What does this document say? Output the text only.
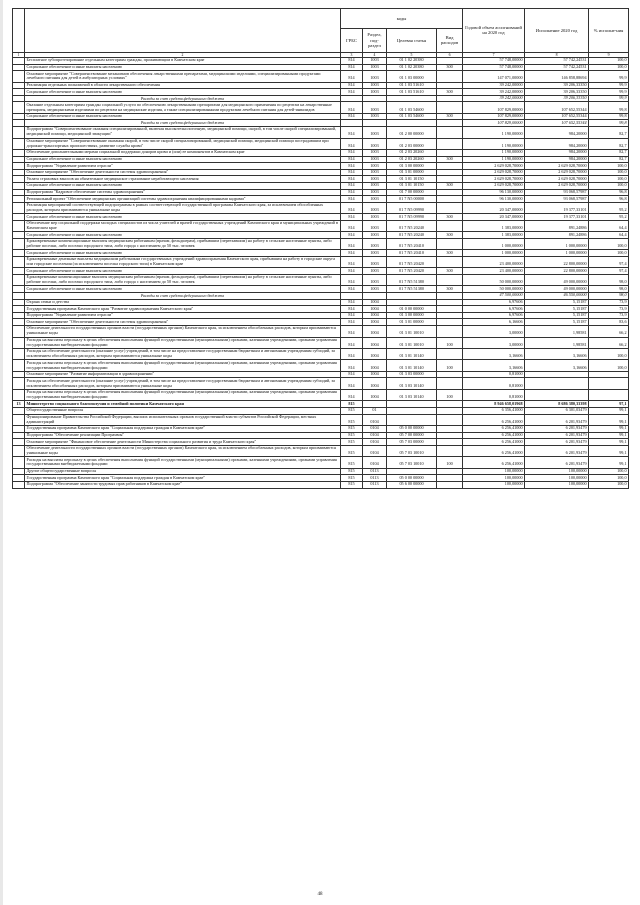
		коды				Годовой объем ассигнований на 2020 год	Исполнение 2020 год	% исполне-ния
		ГРБС	Раздел, под-раздел	Целевая статья	Вид расходов			
1	2	3	4	5	6	7	8	9
	Бесплатное зубопротезирование отдельным категориям граждан, проживающим в Камчатском крае	814	1003	01 1 02 20380		57 748,00000	57 742,24531	100,0
	Социальное обеспечение и иные выплаты населению	814	1003	01 1 02 20380	300	57 748,00000	57 742,24531	100,0
	Основное мероприятие "Совершенствование механизмов обеспечения лекарственными препаратами, медицинскими изделиями, специализированными продуктами лечебного питания для детей в амбулаторных условиях"	814	1003	01 1 03 00000		147 071,00000	146 858,88694	99,9
	Реализация отдельных полномочий в области лекарственного обеспечения	814	1003	01 1 03 51610		39 242,00000	39 206,33350	99,9
	Социальное обеспечение и иные выплаты населению	814	1003	01 1 03 51610	300	39 242,00000	39 206,33350	99,9
	Расходы за счет средств федерального бюджета					39 242,00000	39 206,33350	99,9
	Оказание отдельным категориям граждан социальной услуги по обеспечению лекарственными препаратами для медицинского применения по рецептам на лекарственные препараты, медицинскими изделиями по рецептам на медицинские изделия, а также специализированными продуктами лечебного питания для детей-инвалидов	814	1003	01 1 03 54600		107 829,00000	107 652,55344	99,8
	Социальное обеспечение и иные выплаты населению	814	1003	01 1 03 54600	300	107 829,00000	107 652,55344	99,8
	Расходы за счет средств федерального бюджета					107 829,00000	107 652,55344	99,8
	Подпрограмма "Совершенствование оказания специализированной, включая высокотехнологичную, медицинской помощи, скорой, в том числе скорой специализированной, медицинской помощи, медицинской эвакуации"	814	1003	01 2 00 00000		1 190,00000	984,20000	82,7
	Основное мероприятие "Совершенствование оказания скорой, в том числе скорой специализированной, медицинской помощи, медицинской помощи пострадавшим при дорожно-транспортных происшествиях, развитие службы крови"	814	1003	01 2 03 00000		1 190,00000	984,20000	82,7
	Обеспечение дополнительными мерами социальной поддержки доноров крови и (или) ее компонентов в Камчатском крае	814	1003	01 2 03 20260		1 190,00000	984,20000	82,7
	Социальное обеспечение и иные выплаты населению	814	1003	01 2 03 20260	300	1 190,00000	984,20000	82,7
	Подпрограмма "Управление развитием отрасли"	814	1003	01 3 00 00000		2 629 028,70000	2 629 028,70000	100,0
	Основное мероприятие "Обеспечение деятельности системы здравоохранения"	814	1003	01 3 01 00000		2 629 028,70000	2 629 028,70000	100,0
	Уплата страховых взносов на обязательное медицинское страхование неработающего населения	814	1003	01 3 01 10150		2 629 028,70000	2 629 028,70000	100,0
	Социальное обеспечение и иные выплаты населению	814	1003	01 3 01 10150	300	2 629 028,70000	2 629 028,70000	100,0
	Подпрограмма "Кадровое обеспечение системы здравоохранения"	814	1003	01 7 00 00000		96 130,00000	93 068,57987	96,8
	Региональный проект "Обеспечение медицинских организаций системы здравоохранения квалифицированными кадрами"	814	1003	01 7 N5 00000		96 130,00000	93 068,57987	96,8
	Реализация мероприятий соответствующей подпрограммы в рамках соответствующей государственной программы Камчатского края, за исключением обособленных расходов, которым присваиваются уникальные коды	814	1003	01 7 N5 09990		20 347,00000	19 377,33101	95,2
	Социальное обеспечение и иные выплаты населению	814	1003	01 7 N5 09990	300	20 347,00000	19 377,33101	95,2
	Обеспечение мер социальной поддержки молодых специалистов из числа учителей и врачей государственных учреждений Камчатского края и муниципальных учреждений в Камчатском крае	814	1003	01 7 N5 20240		1 383,00000	891,24886	64,4
	Социальное обеспечение и иные выплаты населению	814	1003	01 7 N5 20240	300	1 383,00000	891,24886	64,4
	Единовременные компенсационные выплаты медицинским работникам (врачам, фельдшерам), прибывшим (переехавшим) на работу в сельские населенные пункты, либо рабочие поселки, либо поселки городского типа, либо города с населением до 50 тыс. человек	814	1003	01 7 N5 20410		1 000,00000	1 000,00000	100,0
	Социальное обеспечение и иные выплаты населению	814	1003	01 7 N5 20410	300	1 000,00000	1 000,00000	100,0
	Единовременные денежные выплаты медицинским работникам государственных учреждений здравоохранения Камчатского края, прибывшим на работу в городские округа или городские поселения (за исключением поселка городского типа) в Камчатском крае	814	1003	01 7 N5 20420		23 400,00000	22 800,00000	97,4
	Социальное обеспечение и иные выплаты населению	814	1003	01 7 N5 20420	300	23 400,00000	22 800,00000	97,4
	Единовременные компенсационные выплаты медицинским работникам (врачам, фельдшерам), прибывшим (переехавшим) на работу в сельские населенные пункты, либо рабочие поселки, либо поселки городского типа, либо города с населением до 50 тыс. человек	814	1003	01 7 N5 51380		50 000,00000	49 000,00000	98,0
	Социальное обеспечение и иные выплаты населению	814	1003	01 7 N5 51380	300	50 000,00000	49 000,00000	98,0
	Расходы за счет средств федерального бюджета					47 500,00000	46 550,00000	98,0
	Охрана семьи и детства	814	1004			6,97606	5,15187	73,9
	Государственная программа Камчатского края "Развитие здравоохранения Камчатского края"	814	1004	01 0 00 00000		6,97606	5,15187	73,9
	Подпрограмма "Управление развитием отрасли"	814	1004	01 3 00 00000		6,97606	5,15187	73,9
	Основное мероприятие "Обеспечение деятельности системы здравоохранения"	814	1004	01 3 01 00000		6,16606	5,15187	83,6
	Обеспечение деятельности государственных органов власти (государственных органов) Камчатского края, за исключением обособленных расходов, которым присваиваются уникальные коды	814	1004	01 3 01 10010		3,00000	1,98581	66,2
	Расходы на выплаты персоналу в целях обеспечения выполнения функций государственными (муниципальными) органами, казенными учреждениями, органами управления государственными внебюджетными фондами	814	1004	01 3 01 10010	100	3,00000	1,98581	66,2
	Расходы на обеспечение деятельности (оказание услуг) учреждений, в том числе на предоставление государственным бюджетным и автономным учреждениям субсидий, за исключением обособленных расходов, которым присваиваются уникальные коды	814	1004	01 3 01 10140		3,16606	3,16606	100,0
	Расходы на выплаты персоналу в целях обеспечения выполнения функций государственными (муниципальными) органами, казенными учреждениями, органами управления государственными внебюджетными фондами	814	1004	01 3 01 10140	100	3,16606	3,16606	100,0
	Основное мероприятие "Развитие информатизации в здравоохранении"	814	1004	01 3 03 00000		0,81000		
	Расходы на обеспечение деятельности (оказание услуг) учреждений, в том числе на предоставление государственным бюджетным и автономным учреждениям субсидий, за исключением обособленных расходов, которым присваиваются уникальные коды	814	1004	01 3 03 10140		0,81000		
	Расходы на выплаты персоналу в целях обеспечения выполнения функций государственными (муниципальными) органами, казенными учреждениями, органами управления государственными внебюджетными фондами	814	1004	01 3 03 10140	100	0,81000		
13	Министерство социального благополучия и семейной политики Камчатского края	815				8 946 658,01968	8 686 380,33398	97,1
	Общегосударственные вопросы	815	01			6 356,41000	6 301,03479	99,1
	Функционирование Правительства Российской Федерации, высших исполнительных органов государственной власти субъектов Российской Федерации, местных администраций	815	0104			6 256,41000	6 201,93479	99,1
	Государственная программа Камчатского края "Социальная поддержка граждан в Камчатском крае"	815	0104	05 0 00 00000		6 256,41000	6 201,93479	99,1
	Подпрограмма "Обеспечение реализации Программы"	815	0104	05 7 00 00000		6 256,41000	6 201,93479	99,1
	Основное мероприятие "Финансовое обеспечение деятельности Министерства социального развития и труда Камчатского края"	815	0104	05 7 03 00000		6 256,41000	6 201,93479	99,1
	Обеспечение деятельности государственных органов власти (государственных органов) Камчатского края, за исключением обособленных расходов, которым присваиваются уникальные коды	815	0104	05 7 03 10010		6 256,41000	6 201,93479	99,1
	Расходы на выплаты персоналу в целях обеспечения выполнения функций государственными (муниципальными) органами, казенными учреждениями, органами управления государственными внебюджетными фондами	815	0104	05 7 03 10010	100	6 256,41000	6 201,93479	99,1
	Другие общегосударственные вопросы	815	0113			100,00000	100,00000	100,0
	Государственная программа Камчатского края "Социальная поддержка граждан в Камчатском крае"	815	0113	05 0 00 00000		100,00000	100,00000	100,0
	Подпрограмма "Обеспечение занятости трудовых прав работников в Камчатском крае"	815	0113	05 6 00 00000		100,00000	100,00000	100,0
48
